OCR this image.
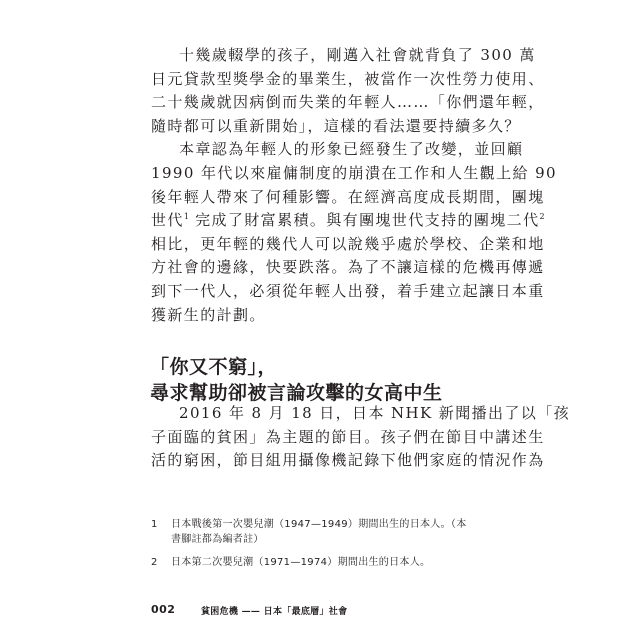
十幾歲輟學的孩子，剛邁入社會就背負了 300 萬
日元貸款型獎學金的畢業生，被當作一次性勞力使用、
二十幾歲就因病倒而失業的年輕人……「你們還年輕，
隨時都可以重新開始」，這樣的看法還要持續多久？
本章認為年輕人的形象已經發生了改變，並回顧
1990 年代以來雇傭制度的崩潰在工作和人生觀上給 90
後年輕人帶來了何種影響。在經濟高度成長期間，團塊
世代$^1$ 完成了財富累積。與有團塊世代支持的團塊二代$^2$
相比，更年輕的幾代人可以說幾乎處於學校、企業和地
方社會的邊緣，快要跌落。為了不讓這樣的危機再傳遞
到下一代人，必須從年輕人出發，着手建立起讓日本重
獲新生的計劃。
「你又不窮」，
尋求幫助卻被言論攻擊的女高中生
2016 年 8 月 18 日，日本 NHK 新聞播出了以「孩
子面臨的貧困」為主題的節目。孩子們在節目中講述生
活的窮困，節目組用攝像機記錄下他們家庭的情況作為
1 日本戰後第一次嬰兒潮（1947—1949）期間出生的日本人。（本書腳註都為編者註）
2 日本第二次嬰兒潮（1971—1974）期間出生的日本人。
002	貧困危機 —— 日本「最底層」社會
